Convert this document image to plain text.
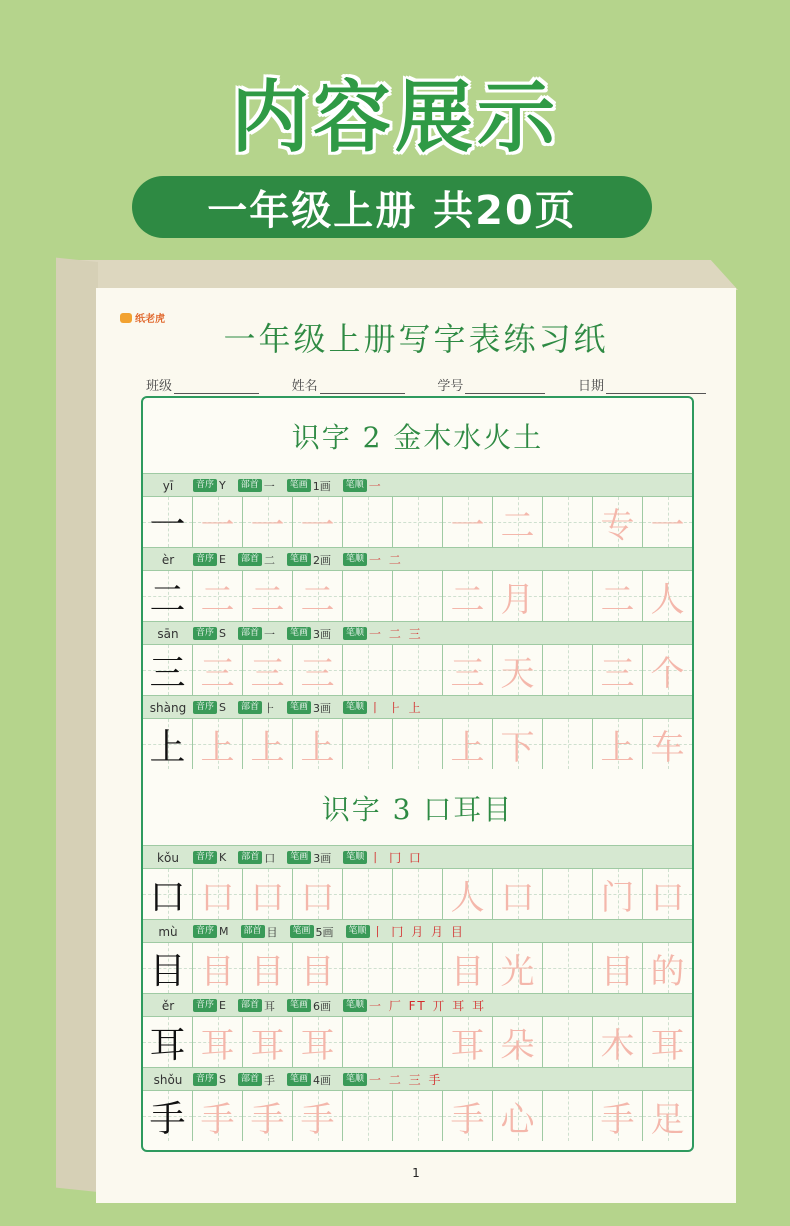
内容展示
一年级上册 共20页
纸老虎
一年级上册写字表练习纸
班级	姓名	学号	日期
识字 2 金木水火土
yī	音序 Y	部首 一	笔画 1画	笔顺 一
一 一 一 一	一 二 专 一
èr	音序 E	部首 二	笔画 2画	笔顺 一 二
二 二 二 二	二 月 二 人
sān	音序 S	部首 一	笔画 3画	笔顺 一 二 三
三 三 三 三	三 天 三 个
shàng	音序 S	部首 ⺊	笔画 3画	笔顺 丨 ⺊ 上
上 上 上 上	上 下 上 车
识字 3 口耳目
kǒu	音序 K	部首 口	笔画 3画	笔顺 丨 冂 口
口 口 口 口	人 口 门 口
mù	音序 M	部首 目	笔画 5画	笔顺 丨 冂 月 月 目
目 目 目 目	目 光 目 的
ěr	音序 E	部首 耳	笔画 6画	笔顺 一 厂 FT 丌 耳 耳
耳 耳 耳 耳	耳 朵 木 耳
shǒu	音序 S	部首 手	笔画 4画	笔顺 一 二 三 手
手 手 手 手	手 心 手 足
1
